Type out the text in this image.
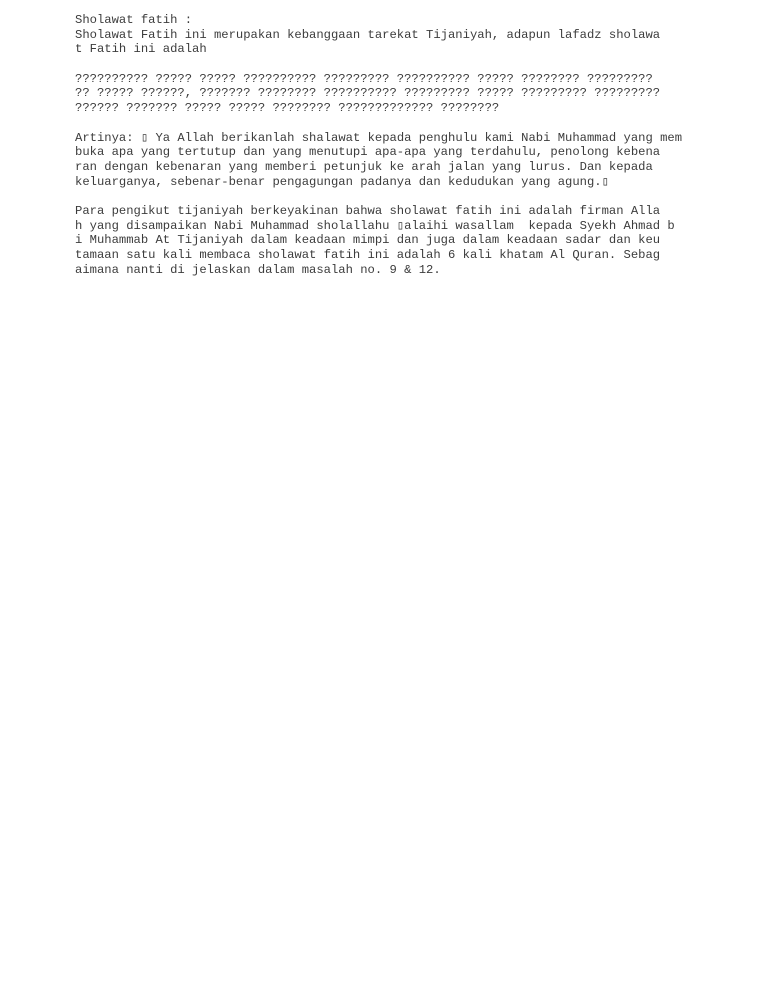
Sholawat fatih :
Sholawat Fatih ini merupakan kebanggaan tarekat Tijaniyah, adapun lafadz sholawa
t Fatih ini adalah
?????????? ????? ????? ?????????? ????????? ?????????? ????? ???????? ?????????
?? ????? ??????, ??????? ???????? ?????????? ????????? ????? ????????? ?????????
?????? ??????? ????? ????? ???????? ????????????? ????????
Artinya: ▯ Ya Allah berikanlah shalawat kepada penghulu kami Nabi Muhammad yang mem
buka apa yang tertutup dan yang menutupi apa-apa yang terdahulu, penolong kebena
ran dengan kebenaran yang memberi petunjuk ke arah jalan yang lurus. Dan kepada
keluarganya, sebenar-benar pengagungan padanya dan kedudukan yang agung.▯
Para pengikut tijaniyah berkeyakinan bahwa sholawat fatih ini adalah firman Alla
h yang disampaikan Nabi Muhammad sholallahu ▯alaihi wasallam  kepada Syekh Ahmad b
i Muhammab At Tijaniyah dalam keadaan mimpi dan juga dalam keadaan sadar dan keu
tamaan satu kali membaca sholawat fatih ini adalah 6 kali khatam Al Quran. Sebag
aimana nanti di jelaskan dalam masalah no. 9 & 12.
